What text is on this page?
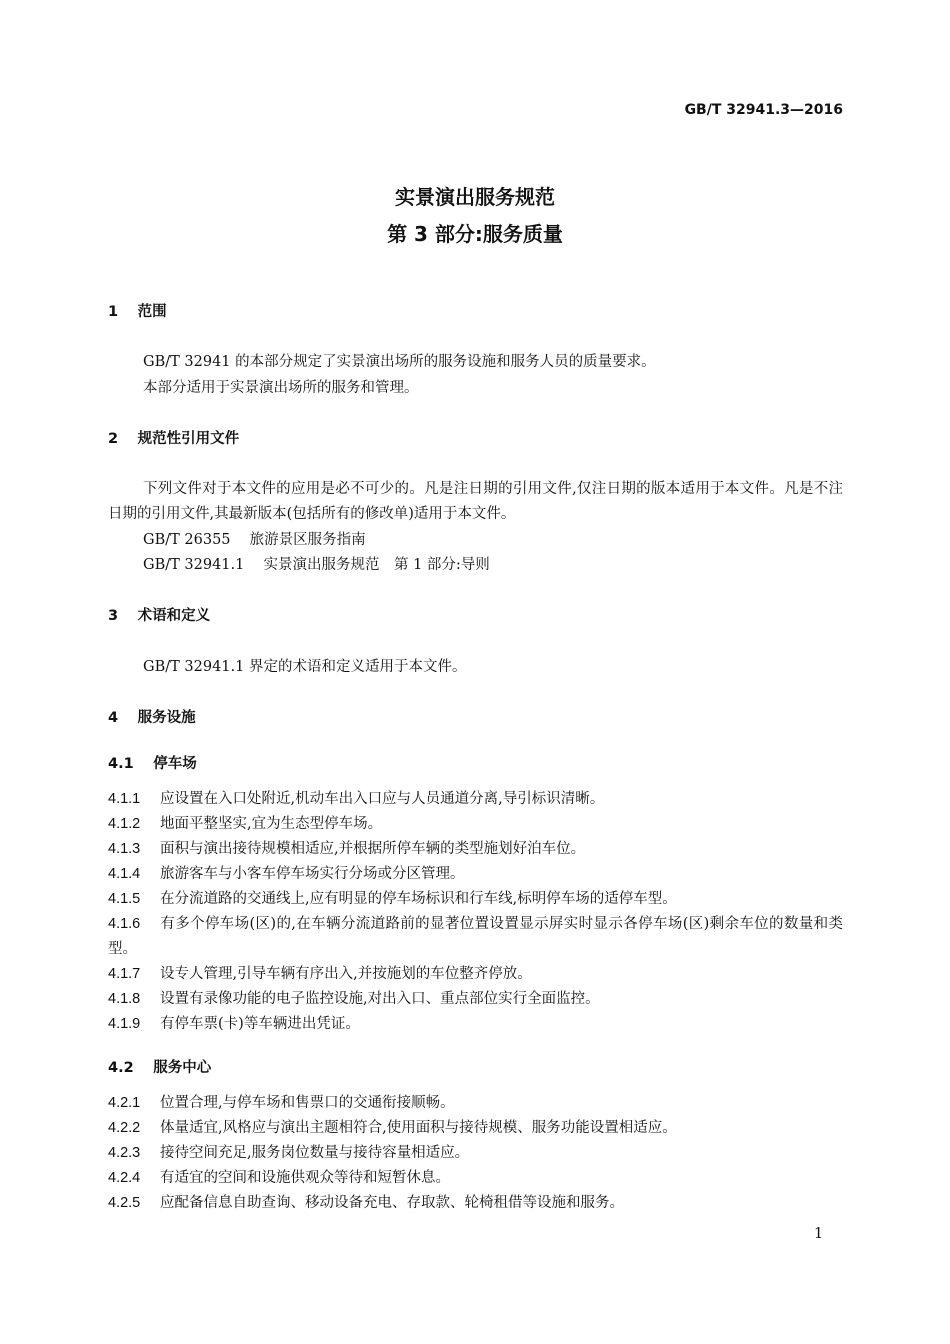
GB/T 32941.3—2016
实景演出服务规范
第 3 部分:服务质量
1　 范围
GB/T 32941 的本部分规定了实景演出场所的服务设施和服务人员的质量要求。
本部分适用于实景演出场所的服务和管理。
2　 规范性引用文件
下列文件对于本文件的应用是必不可少的。凡是注日期的引用文件,仅注日期的版本适用于本文件。凡是不注日期的引用文件,其最新版本(包括所有的修改单)适用于本文件。
GB/T 26355　 旅游景区服务指南
GB/T 32941.1　 实景演出服务规范　第 1 部分:导则
3　 术语和定义
GB/T 32941.1 界定的术语和定义适用于本文件。
4　 服务设施
4.1　 停车场
4.1.1 应设置在入口处附近,机动车出入口应与人员通道分离,导引标识清晰。
4.1.2 地面平整坚实,宜为生态型停车场。
4.1.3 面积与演出接待规模相适应,并根据所停车辆的类型施划好泊车位。
4.1.4 旅游客车与小客车停车场实行分场或分区管理。
4.1.5 在分流道路的交通线上,应有明显的停车场标识和行车线,标明停车场的适停车型。
4.1.6 有多个停车场(区)的,在车辆分流道路前的显著位置设置显示屏实时显示各停车场(区)剩余车位的数量和类型。
4.1.7 设专人管理,引导车辆有序出入,并按施划的车位整齐停放。
4.1.8 设置有录像功能的电子监控设施,对出入口、重点部位实行全面监控。
4.1.9 有停车票(卡)等车辆进出凭证。
4.2　 服务中心
4.2.1 位置合理,与停车场和售票口的交通衔接顺畅。
4.2.2 体量适宜,风格应与演出主题相符合,使用面积与接待规模、服务功能设置相适应。
4.2.3 接待空间充足,服务岗位数量与接待容量相适应。
4.2.4 有适宜的空间和设施供观众等待和短暂休息。
4.2.5 应配备信息自助查询、移动设备充电、存取款、轮椅租借等设施和服务。
1
